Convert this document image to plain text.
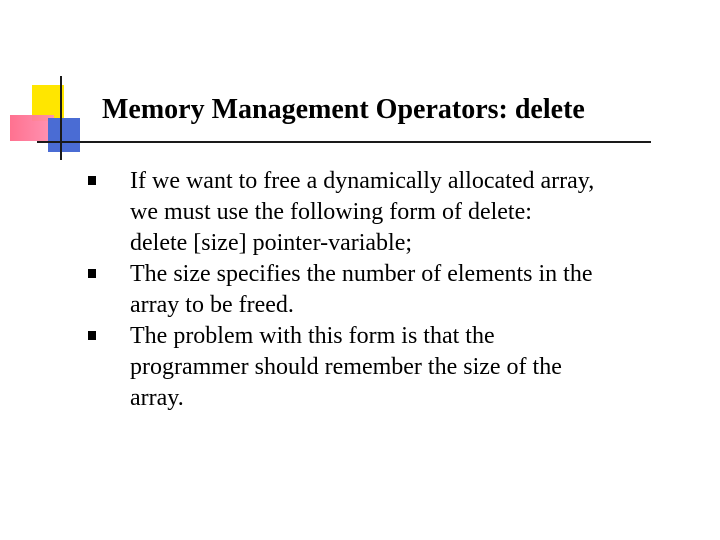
Memory Management Operators: delete
If we want to free a dynamically allocated array,
we must use the following form of delete:
delete [size] pointer-variable;
The size specifies the number of elements in the
array to be freed.
The problem with this form is that the
programmer should remember the size of the
array.
